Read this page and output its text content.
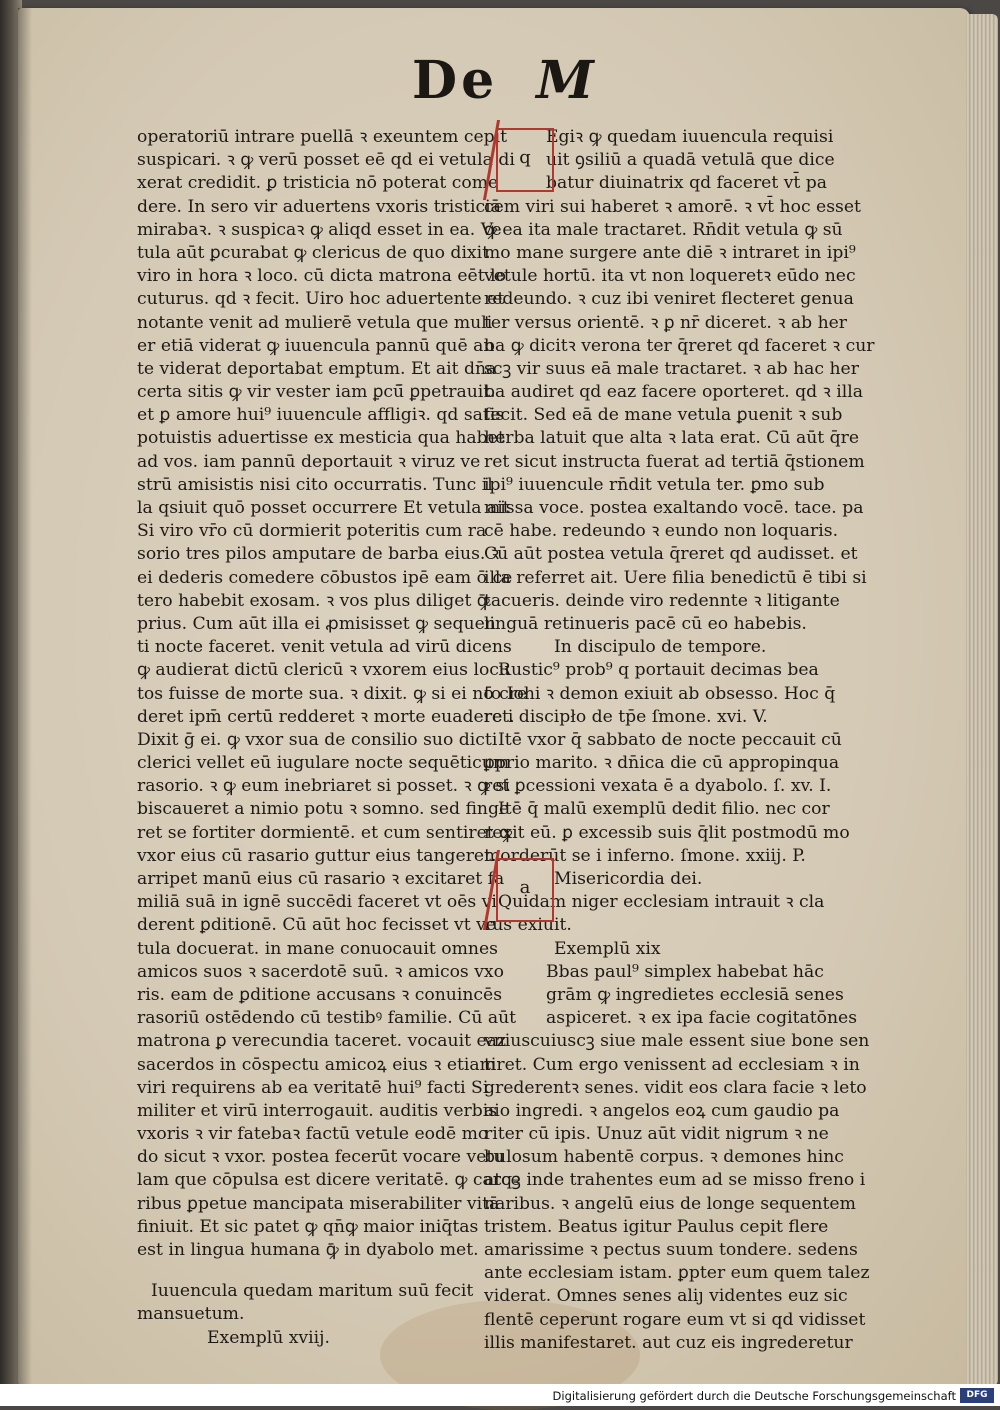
De M
operatoriū intrare puellā ꝛ exeuntem cepit
suspicari. ꝛ ꝙ verū posset eē qd ei vetula di
xerat credidit. ꝑ tristicia nō poterat come
dere. In sero vir aduertens vxoris tristiciā
mirabaꝛ. ꝛ suspicaꝛ ꝙ aliqd esset in ea. Ve
tula aūt ꝑcurabat ꝙ clericus de quo dixit
viro in hora ꝛ loco. cū dicta matrona eēt lo
cuturus. qd ꝛ fecit. Uiro hoc aduertente et
notante venit ad mulierē vetula que muli
er etiā viderat ꝙ iuuencula pannū quē an
te viderat deportabat emptum. Et ait dn̄a
certa sitis ꝙ vir vester iam ꝑcū̄ ꝑpetrauit.
et ꝑ amore hui⁹ iuuencule affligiꝛ. qd satis
potuistis aduertisse ex mesticia qua habet
ad vos. iam pannū deportauit ꝛ viruz ve
strū amisistis nisi cito occurratis. Tunc il
la qsiuit quō posset occurrere Et vetula ait
Si viro vr̄o cū dormierit poteritis cum ra
sorio tres pilos amputare de barba eius. ꝛ
ei dederis comedere cōbustos ipē eam ō ce
tero habebit exosam. ꝛ vos plus diliget ꝙ̄
prius. Cum aūt illa ei ꝓmisisset ꝙ sequen
ti nocte faceret. venit vetula ad virū dicens
ꝙ audierat dictū clericū ꝛ vxorem eius locu
tos fuisse de morte sua. ꝛ dixit. ꝙ si ei nō cre
deret ipm̄ certū redderet ꝛ morte euaderet.
Dixit ḡ ei. ꝙ vxor sua de consilio suo dicti
clerici vellet eū iugulare nocte sequēticum
rasorio. ꝛ ꝙ eum inebriaret si posset. ꝛ ꝙ si
biscaueret a nimio potu ꝛ somno. sed finge
ret se fortiter dormientē. et cum sentiret ꝙ
vxor eius cū rasario guttur eius tangeret.
arripet manū eius cū rasario ꝛ excitaret fa
miliā suā in ignē succēdi faceret vt oēs vi
derent ꝑditionē. Cū aūt hoc fecisset vt ve
tula docuerat. in mane conuocauit omnes
amicos suos ꝛ sacerdotē suū. ꝛ amicos vxo
ris. eam de ꝑditione accusans ꝛ conuincēs
rasoriū ostēdendo cū testibꝰ familie. Cū aūt
matrona ꝑ verecundia taceret. vocauit eaz
sacerdos in cōspectu amicoꝝ eius ꝛ etiam
viri requirens ab ea veritatē hui⁹ facti Si
militer et virū interrogauit. auditis verbis
vxoris ꝛ vir fatebaꝛ factū vetule eodē mo
do sicut ꝛ vxor. postea fecerūt vocare vetu
lam que cōpulsa est dicere veritatē. ꝙ carce
ribus ꝑpetue mancipata miserabiliter vitā
finiuit. Et sic patet ꝙ qn̄ꝙ maior iniq̄tas
est in lingua humana ꝙ̄ in dyabolo met.
Iuuencula quedam maritum suū fecit
mansuetum.
Exemplū xviij.
Egiꝛ ꝙ quedam iuuencula requisi
uit ꝯsiliū a quadā vetulā que dice
batur diuinatrix qd faceret vt̄ pa
cem viri sui haberet ꝛ amorē. ꝛ vt̄ hoc esset
ꝙ ea ita male tractaret. Rn̄dit vetula ꝙ sū
mo mane surgere ante diē ꝛ intraret in ipi⁹
vetule hortū. ita vt non loqueretꝛ eūdo nec
redeundo. ꝛ cuz ibi veniret flecteret genua
ter versus orientē. ꝛ ꝑ nr̄ diceret. ꝛ ab her
ba ꝙ dicitꝛ verona ter q̄reret qd faceret ꝛ cur
scꝫ vir suus eā male tractaret. ꝛ ab hac her
ba audiret qd eaz facere oporteret. qd ꝛ illa
fecit. Sed eā de mane vetula ꝑuenit ꝛ sub
herba latuit que alta ꝛ lata erat. Cū aūt q̄re
ret sicut instructa fuerat ad tertiā q̄stionem
ipi⁹ iuuencule rn̄dit vetula ter. ꝑmo sub
missa voce. postea exaltando vocē. tace. pa
cē habe. redeundo ꝛ eundo non loquaris.
Cū aūt postea vetula q̄reret qd audisset. et
illa referret ait. Uere filia benedictū ē tibi si
tacueris. deinde viro redennte ꝛ litigante
linguā retinueris pacē cū eo habebis.
In discipulo de tempore.
Rustic⁹ prob⁹ q portauit decimas bea
to Iohi ꝛ demon exiuit ab obsesso. Hoc q̄
re i discipło de tp̄e ſmone. xvi. V.
Itē vxor q̄ sabbato de nocte peccauit cū
ꝑprio marito. ꝛ dn̄ica die cū appropinqua
ret ꝑcessioni vexata ē a dyabolo. ſ. xv. I.
Itē q̄ malū exemplū dedit filio. nec cor
rexit eū. ꝑ excessib suis q̄lit postmodū mo
morderūt se i inferno. ſmone. xxiij. P.
Misericordia dei.
Quidam niger ecclesiam intrauit ꝛ cla
rus exiuit.
Exemplū xix
Bbas paul⁹ simplex habebat hāc
grām ꝙ ingredietes ecclesiā senes
aspiceret. ꝛ ex ipa facie cogitatōnes
vniuscuiuscꝫ siue male essent siue bone sen
tiret. Cum ergo venissent ad ecclesiam ꝛ in
grederentꝛ senes. vidit eos clara facie ꝛ leto
aio ingredi. ꝛ angelos eoꝝ cum gaudio pa
riter cū ipis. Unuz aūt vidit nigrum ꝛ ne
bulosum habentē corpus. ꝛ demones hinc
atqꝫ inde trahentes eum ad se misso freno i
naribus. ꝛ angelū eius de longe sequentem
tristem. Beatus igitur Paulus cepit flere
amarissime ꝛ pectus suum tondere. sedens
ante ecclesiam istam. ꝑpter eum quem talez
viderat. Omnes senes aliȷ videntes euz sic
flentē ceperunt rogare eum vt si qd vidisset
illis manifestaret. aut cuz eis ingrederetur
q
a
Digitalisierung gefördert durch die Deutsche Forschungsgemeinschaft	DFG
